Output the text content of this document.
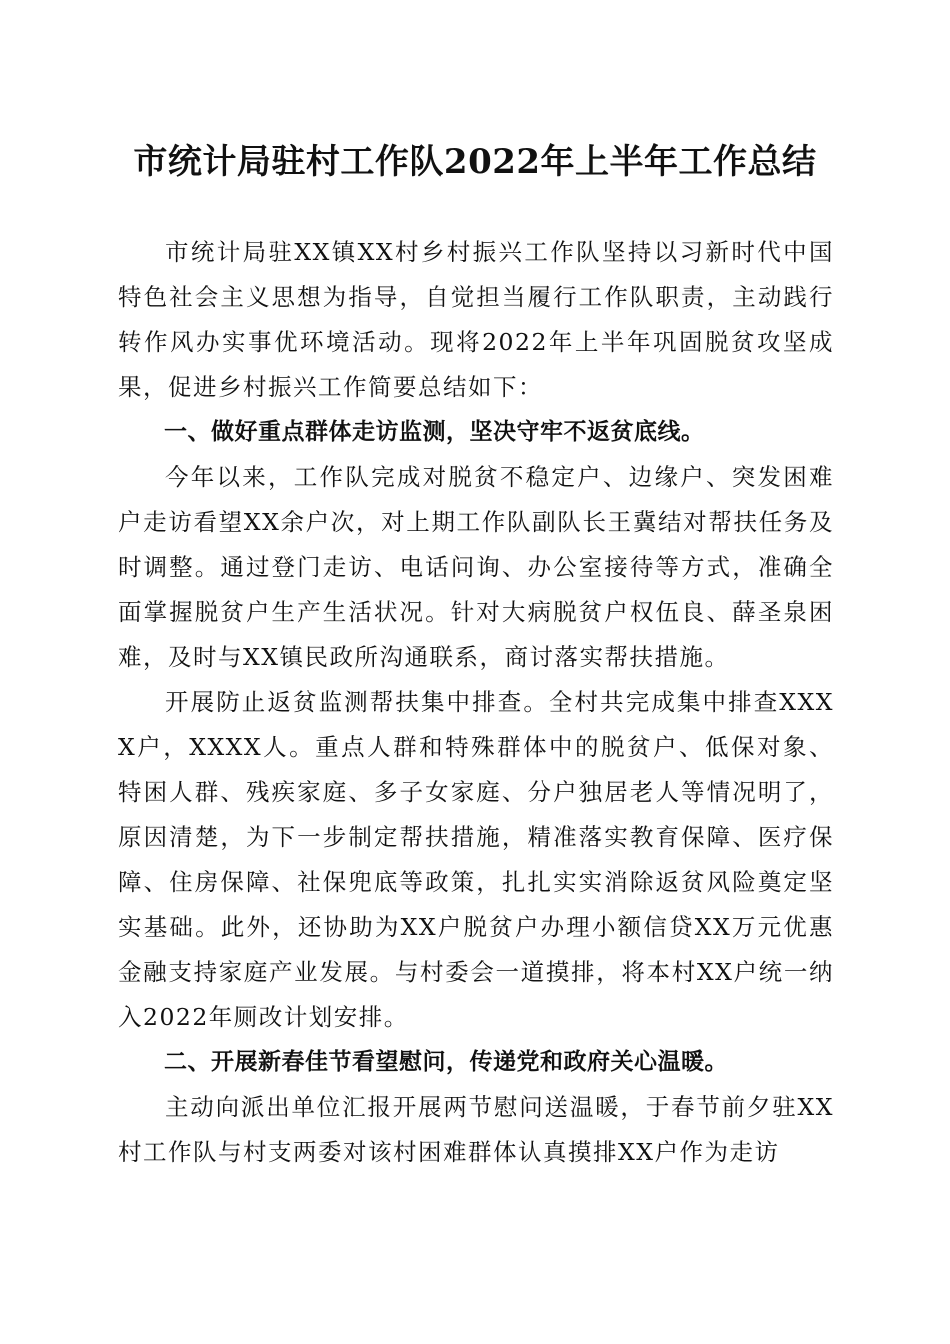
市统计局驻村工作队2022年上半年工作总结

市统计局驻XX镇XX村乡村振兴工作队坚持以习新时代中国特色社会主义思想为指导，自觉担当履行工作队职责，主动践行转作风办实事优环境活动。现将2022年上半年巩固脱贫攻坚成果，促进乡村振兴工作简要总结如下：

一、做好重点群体走访监测，坚决守牢不返贫底线。

今年以来，工作队完成对脱贫不稳定户、边缘户、突发困难户走访看望XX余户次，对上期工作队副队长王冀结对帮扶任务及时调整。通过登门走访、电话问询、办公室接待等方式，准确全面掌握脱贫户生产生活状况。针对大病脱贫户权伍良、薛圣泉困难，及时与XX镇民政所沟通联系，商讨落实帮扶措施。

开展防止返贫监测帮扶集中排查。全村共完成集中排查XXXX户，XXXX人。重点人群和特殊群体中的脱贫户、低保对象、特困人群、残疾家庭、多子女家庭、分户独居老人等情况明了，原因清楚，为下一步制定帮扶措施，精准落实教育保障、医疗保障、住房保障、社保兜底等政策，扎扎实实消除返贫风险奠定坚实基础。此外，还协助为XX户脱贫户办理小额信贷XX万元优惠金融支持家庭产业发展。与村委会一道摸排，将本村XX户统一纳入2022年厕改计划安排。

二、开展新春佳节看望慰问，传递党和政府关心温暖。

主动向派出单位汇报开展两节慰问送温暖，于春节前夕驻XX村工作队与村支两委对该村困难群体认真摸排XX户作为走访
